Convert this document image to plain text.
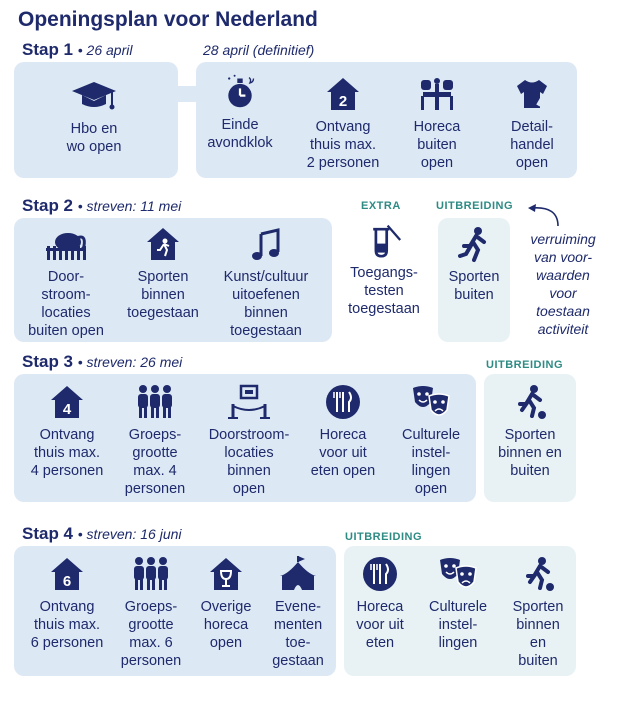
Openingsplan voor Nederland
Stap 1 • 26 april	28 april (definitief)
Hbo en
wo open
Einde
avondklok
2
Ontvang
thuis max.
2 personen
Horeca
buiten
open
Detail-
handel
open
Stap 2 • streven: 11 mei	EXTRA	UITBREIDING
Door-
stroom-
locaties
buiten open
Sporten
binnen
toegestaan
Kunst/cultuur
uitoefenen
binnen
toegestaan
Toegangs-
testen
toegestaan
Sporten
buiten
verruiming
van voor-
waarden
voor
toestaan
activiteit
Stap 3 • streven: 26 mei	UITBREIDING
4
Ontvang
thuis max.
4 personen
Groeps-
grootte
max. 4
personen
Doorstroom-
locaties
binnen
open
Horeca
voor uit
eten open
Culturele
instel-
lingen
open
Sporten
binnen en
buiten
Stap 4 • streven: 16 juni	UITBREIDING
6
Ontvang
thuis max.
6 personen
Groeps-
grootte
max. 6
personen
Overige
horeca
open
Evene-
menten
toe-
gestaan
Horeca
voor uit
eten
Culturele
instel-
lingen
Sporten
binnen
en
buiten
